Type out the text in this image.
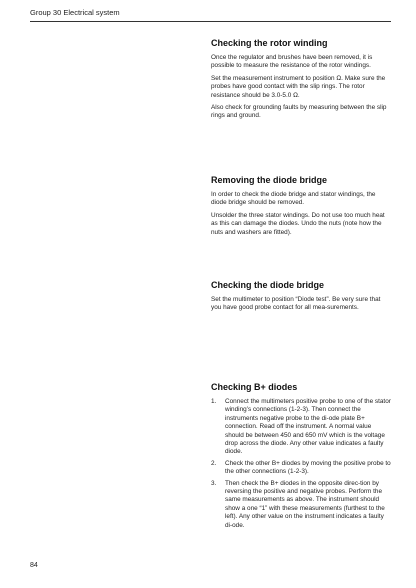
Group 30 Electrical system
Checking the rotor winding

Once the regulator and brushes have been removed, it is possible to measure the resistance of the rotor windings.

Set the measurement instrument to position Ω. Make sure the probes have good contact with the slip rings. The rotor resistance should be 3.0-5.0 Ω.

Also check for grounding faults by measuring between the slip rings and ground.

Removing the diode bridge

In order to check the diode bridge and stator windings, the diode bridge should be removed.

Unsolder the three stator windings. Do not use too much heat as this can damage the diodes. Undo the nuts (note how the nuts and washers are fitted).

Checking the diode bridge

Set the multimeter to position “Diode test”. Be very sure that you have good probe contact for all mea-surements.

Checking B+ diodes
1. Connect the multimeters positive probe to one of the stator winding’s connections (1-2-3). Then connect the instruments negative probe to the di-ode plate B+ connection. Read off the instrument. A normal value should be between 450 and 650 mV which is the voltage drop across the diode. Any other value indicates a faulty diode.
2. Check the other B+ diodes by moving the positive probe to the other connections (1-2-3).
3. Then check the B+ diodes in the opposite direc-tion by reversing the positive and negative probes. Perform the same measurements as above. The instrument should show a one “1” with these measurements (furthest to the left). Any other value on the instrument indicates a faulty di-ode.
84
